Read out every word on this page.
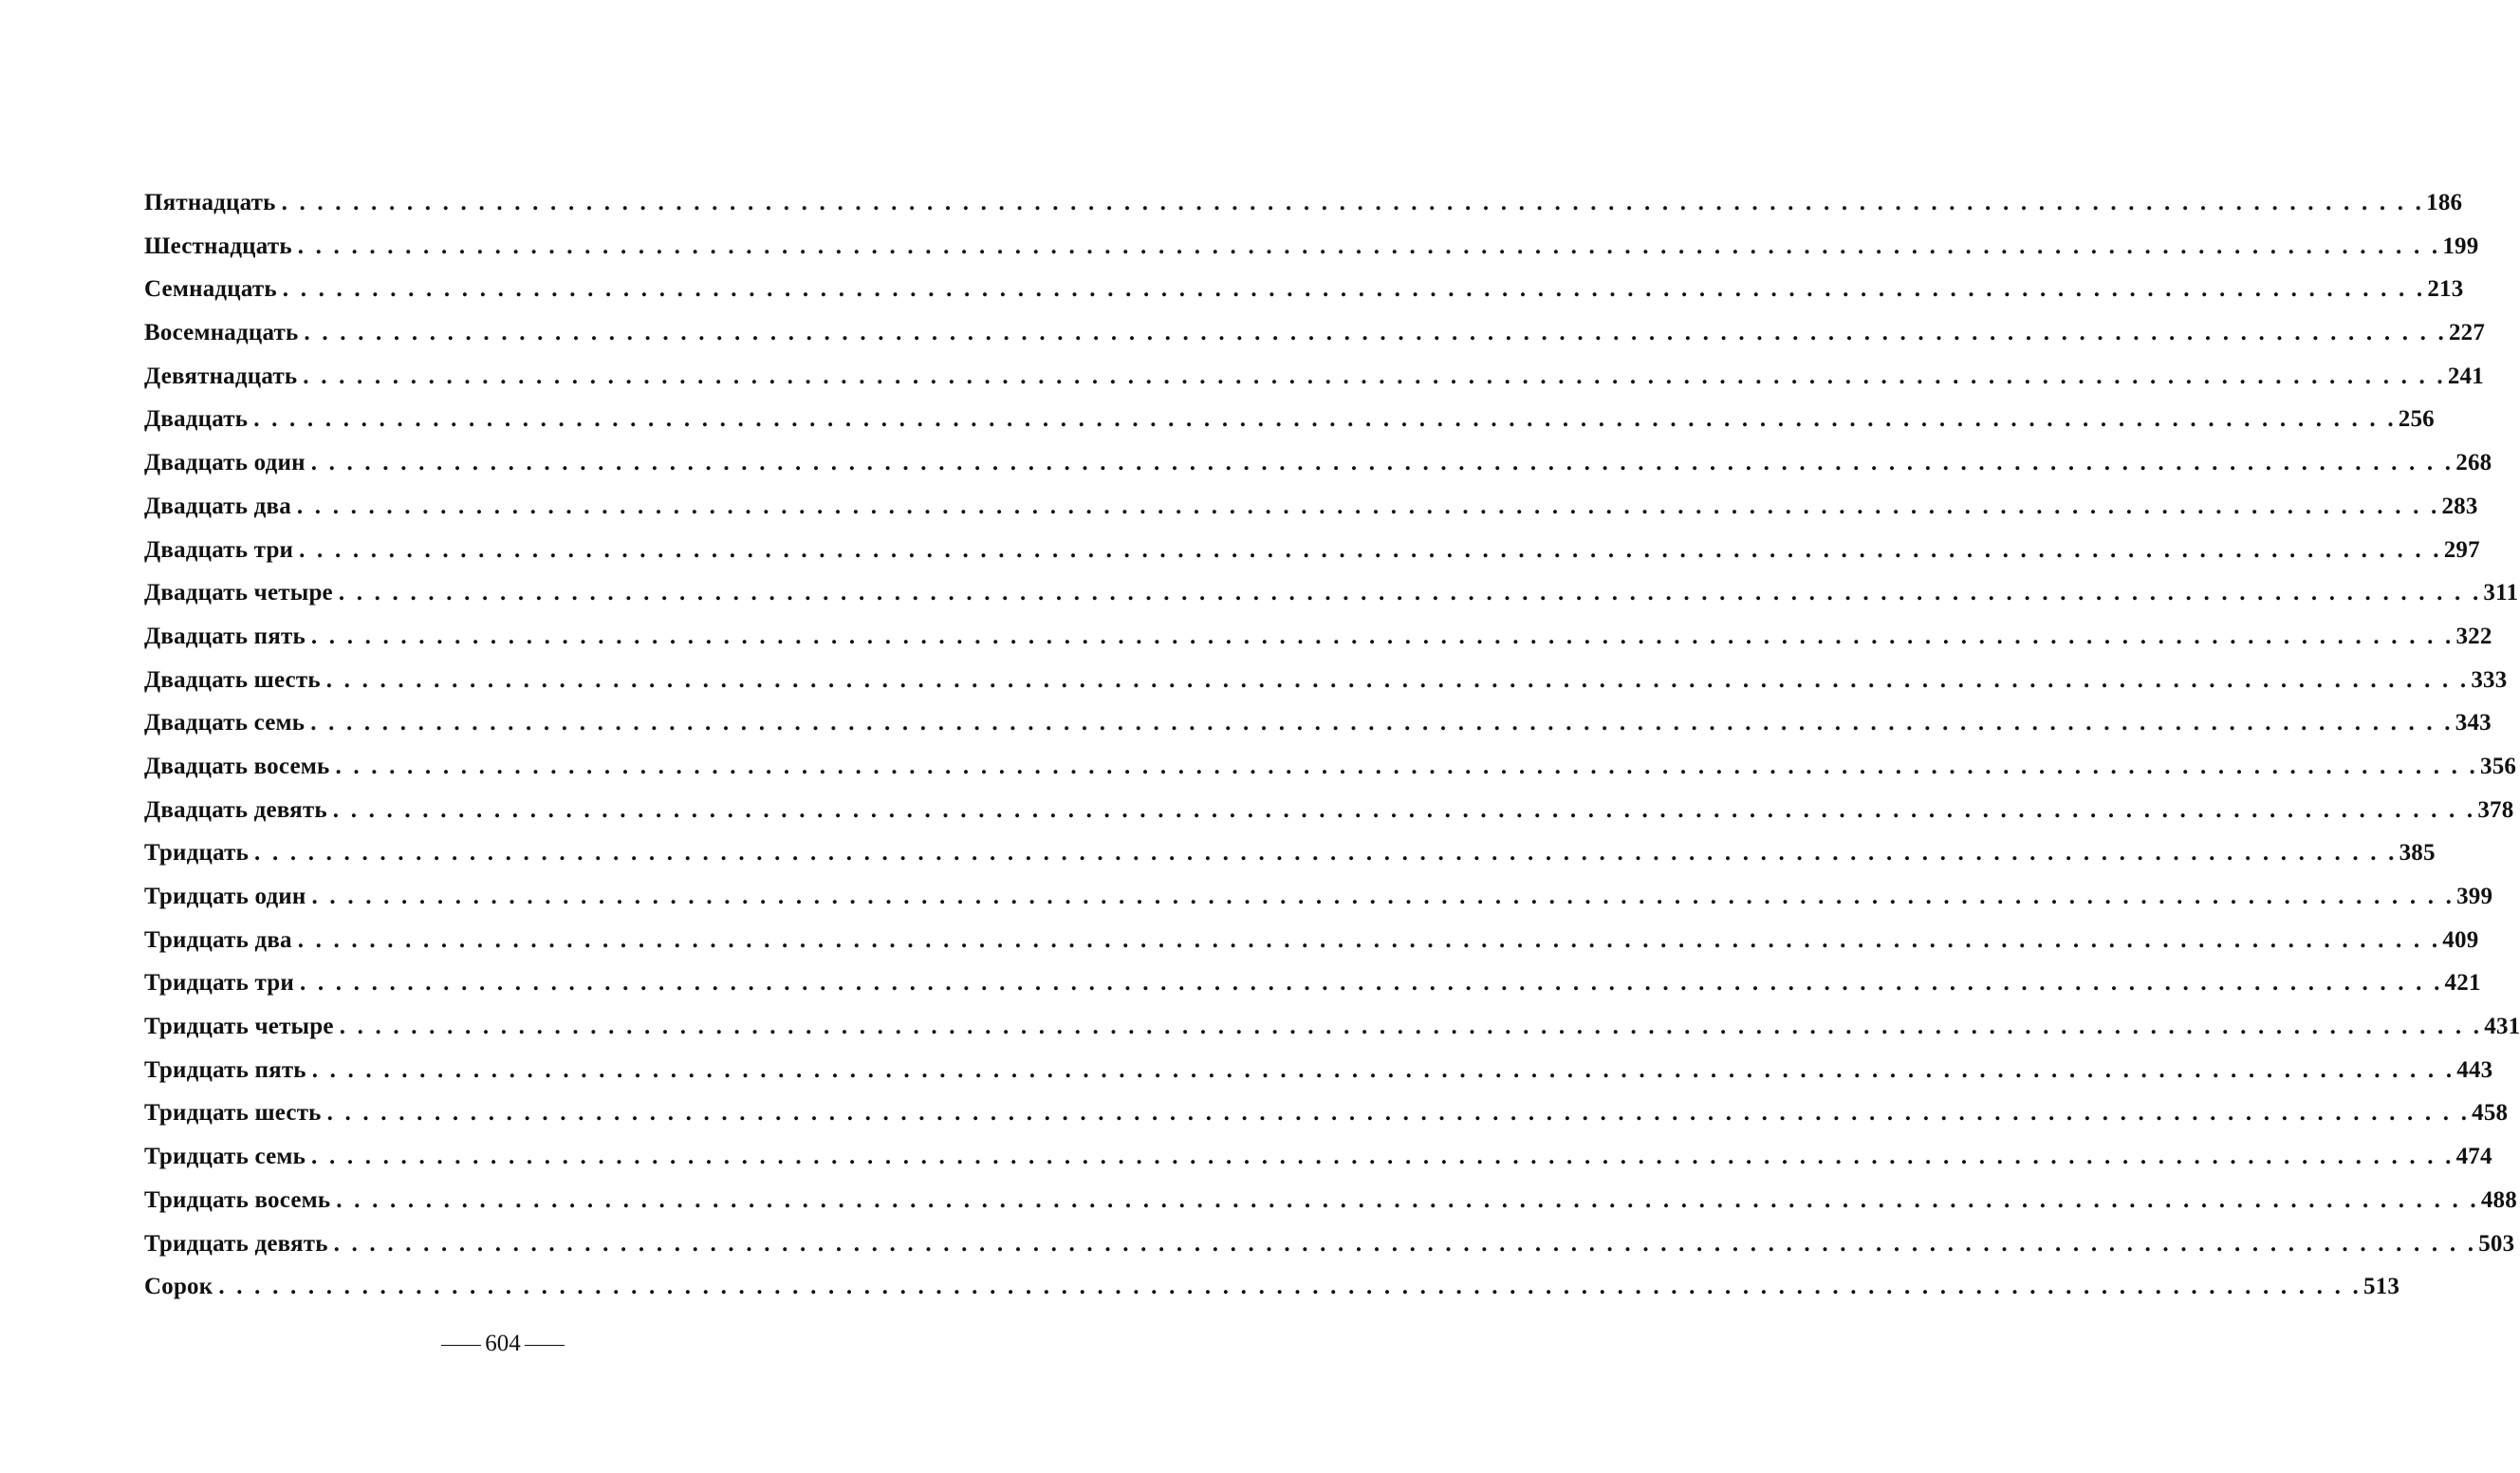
Пятнадцать . . . . . . . . . . . . . . . . . . . . . . . . . . . . . . . . . . . . . . . . . . . . . . . . . . . . . . . . . . . . . . . . . . . . . . . . . . . . . . . . . . . . . . . . . . . . . . . . . . . . . . . . . . . . . . . . . . . . . . . . 186
Шестнадцать . . . . . . . . . . . . . . . . . . . . . . . . . . . . . . . . . . . . . . . . . . . . . . . . . . . . . . . . . . . . . . . . . . . . . . . . . . . . . . . . . . . . . . . . . . . . . . . . . . . . . . . . . . . . . . . . . . . . . . . . 199
Семнадцать . . . . . . . . . . . . . . . . . . . . . . . . . . . . . . . . . . . . . . . . . . . . . . . . . . . . . . . . . . . . . . . . . . . . . . . . . . . . . . . . . . . . . . . . . . . . . . . . . . . . . . . . . . . . . . . . . . . . . . . . 213
Восемнадцать . . . . . . . . . . . . . . . . . . . . . . . . . . . . . . . . . . . . . . . . . . . . . . . . . . . . . . . . . . . . . . . . . . . . . . . . . . . . . . . . . . . . . . . . . . . . . . . . . . . . . . . . . . . . . . . . . . . . . . . . 227
Девятнадцать . . . . . . . . . . . . . . . . . . . . . . . . . . . . . . . . . . . . . . . . . . . . . . . . . . . . . . . . . . . . . . . . . . . . . . . . . . . . . . . . . . . . . . . . . . . . . . . . . . . . . . . . . . . . . . . . . . . . . . . . 241
Двадцать . . . . . . . . . . . . . . . . . . . . . . . . . . . . . . . . . . . . . . . . . . . . . . . . . . . . . . . . . . . . . . . . . . . . . . . . . . . . . . . . . . . . . . . . . . . . . . . . . . . . . . . . . . . . . . . . . . . . . . . . 256
Двадцать один . . . . . . . . . . . . . . . . . . . . . . . . . . . . . . . . . . . . . . . . . . . . . . . . . . . . . . . . . . . . . . . . . . . . . . . . . . . . . . . . . . . . . . . . . . . . . . . . . . . . . . . . . . . . . . . . . . . . . . . . 268
Двадцать два . . . . . . . . . . . . . . . . . . . . . . . . . . . . . . . . . . . . . . . . . . . . . . . . . . . . . . . . . . . . . . . . . . . . . . . . . . . . . . . . . . . . . . . . . . . . . . . . . . . . . . . . . . . . . . . . . . . . . . . . 283
Двадцать три . . . . . . . . . . . . . . . . . . . . . . . . . . . . . . . . . . . . . . . . . . . . . . . . . . . . . . . . . . . . . . . . . . . . . . . . . . . . . . . . . . . . . . . . . . . . . . . . . . . . . . . . . . . . . . . . . . . . . . . . 297
Двадцать четыре . . . . . . . . . . . . . . . . . . . . . . . . . . . . . . . . . . . . . . . . . . . . . . . . . . . . . . . . . . . . . . . . . . . . . . . . . . . . . . . . . . . . . . . . . . . . . . . . . . . . . . . . . . . . . . . . . . . . . . . . 311
Двадцать пять . . . . . . . . . . . . . . . . . . . . . . . . . . . . . . . . . . . . . . . . . . . . . . . . . . . . . . . . . . . . . . . . . . . . . . . . . . . . . . . . . . . . . . . . . . . . . . . . . . . . . . . . . . . . . . . . . . . . . . . . 322
Двадцать шесть . . . . . . . . . . . . . . . . . . . . . . . . . . . . . . . . . . . . . . . . . . . . . . . . . . . . . . . . . . . . . . . . . . . . . . . . . . . . . . . . . . . . . . . . . . . . . . . . . . . . . . . . . . . . . . . . . . . . . . . . 333
Двадцать семь . . . . . . . . . . . . . . . . . . . . . . . . . . . . . . . . . . . . . . . . . . . . . . . . . . . . . . . . . . . . . . . . . . . . . . . . . . . . . . . . . . . . . . . . . . . . . . . . . . . . . . . . . . . . . . . . . . . . . . . . 343
Двадцать восемь . . . . . . . . . . . . . . . . . . . . . . . . . . . . . . . . . . . . . . . . . . . . . . . . . . . . . . . . . . . . . . . . . . . . . . . . . . . . . . . . . . . . . . . . . . . . . . . . . . . . . . . . . . . . . . . . . . . . . . . . 356
Двадцать девять . . . . . . . . . . . . . . . . . . . . . . . . . . . . . . . . . . . . . . . . . . . . . . . . . . . . . . . . . . . . . . . . . . . . . . . . . . . . . . . . . . . . . . . . . . . . . . . . . . . . . . . . . . . . . . . . . . . . . . . . 378
Тридцать . . . . . . . . . . . . . . . . . . . . . . . . . . . . . . . . . . . . . . . . . . . . . . . . . . . . . . . . . . . . . . . . . . . . . . . . . . . . . . . . . . . . . . . . . . . . . . . . . . . . . . . . . . . . . . . . . . . . . . . . 385
Тридцать один . . . . . . . . . . . . . . . . . . . . . . . . . . . . . . . . . . . . . . . . . . . . . . . . . . . . . . . . . . . . . . . . . . . . . . . . . . . . . . . . . . . . . . . . . . . . . . . . . . . . . . . . . . . . . . . . . . . . . . . . 399
Тридцать два . . . . . . . . . . . . . . . . . . . . . . . . . . . . . . . . . . . . . . . . . . . . . . . . . . . . . . . . . . . . . . . . . . . . . . . . . . . . . . . . . . . . . . . . . . . . . . . . . . . . . . . . . . . . . . . . . . . . . . . . 409
Тридцать три . . . . . . . . . . . . . . . . . . . . . . . . . . . . . . . . . . . . . . . . . . . . . . . . . . . . . . . . . . . . . . . . . . . . . . . . . . . . . . . . . . . . . . . . . . . . . . . . . . . . . . . . . . . . . . . . . . . . . . . . 421
Тридцать четыре . . . . . . . . . . . . . . . . . . . . . . . . . . . . . . . . . . . . . . . . . . . . . . . . . . . . . . . . . . . . . . . . . . . . . . . . . . . . . . . . . . . . . . . . . . . . . . . . . . . . . . . . . . . . . . . . . . . . . . . . 431
Тридцать пять . . . . . . . . . . . . . . . . . . . . . . . . . . . . . . . . . . . . . . . . . . . . . . . . . . . . . . . . . . . . . . . . . . . . . . . . . . . . . . . . . . . . . . . . . . . . . . . . . . . . . . . . . . . . . . . . . . . . . . . . 443
Тридцать шесть . . . . . . . . . . . . . . . . . . . . . . . . . . . . . . . . . . . . . . . . . . . . . . . . . . . . . . . . . . . . . . . . . . . . . . . . . . . . . . . . . . . . . . . . . . . . . . . . . . . . . . . . . . . . . . . . . . . . . . . . 458
Тридцать семь . . . . . . . . . . . . . . . . . . . . . . . . . . . . . . . . . . . . . . . . . . . . . . . . . . . . . . . . . . . . . . . . . . . . . . . . . . . . . . . . . . . . . . . . . . . . . . . . . . . . . . . . . . . . . . . . . . . . . . . . 474
Тридцать восемь . . . . . . . . . . . . . . . . . . . . . . . . . . . . . . . . . . . . . . . . . . . . . . . . . . . . . . . . . . . . . . . . . . . . . . . . . . . . . . . . . . . . . . . . . . . . . . . . . . . . . . . . . . . . . . . . . . . . . . . . 488
Тридцать девять . . . . . . . . . . . . . . . . . . . . . . . . . . . . . . . . . . . . . . . . . . . . . . . . . . . . . . . . . . . . . . . . . . . . . . . . . . . . . . . . . . . . . . . . . . . . . . . . . . . . . . . . . . . . . . . . . . . . . . . . 503
Сорок . . . . . . . . . . . . . . . . . . . . . . . . . . . . . . . . . . . . . . . . . . . . . . . . . . . . . . . . . . . . . . . . . . . . . . . . . . . . . . . . . . . . . . . . . . . . . . . . . . . . . . . . . . . . . . . . . . . . . . . . 513
604
